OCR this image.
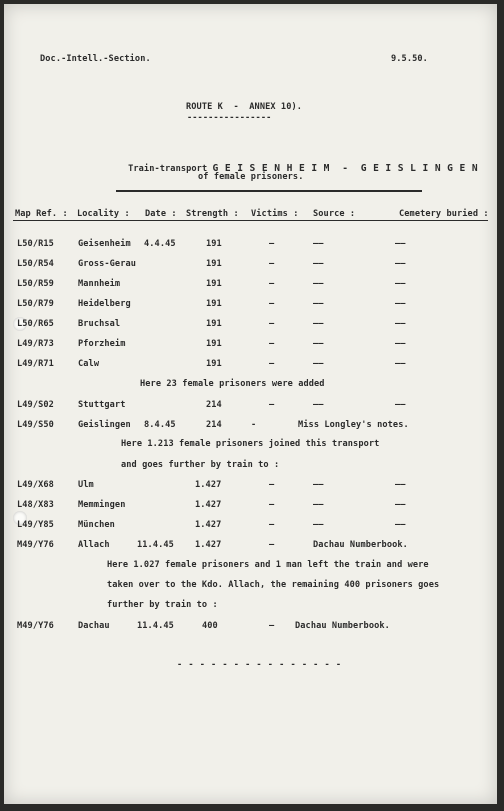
Doc.-Intell.-Section.	9.5.50.
ROUTE K  -  ANNEX 10).
----------------

Train-transport G E I S E N H E I M  -  G E I S L I N G E N

of female prisoners.
Map Ref. : Locality : Date : Strength : Victims : Source :	Cemetery buried :
L50/R15	Geisenheim 4.4.45	191	—	——	——
L50/R54	Gross-Gerau	191	—	——	——
L50/R59	Mannheim	191	—	——	——
L50/R79	Heidelberg	191	—	——	——
L50/R65	Bruchsal	191	—	——	——
L49/R73	Pforzheim	191	—	——	——
L49/R71	Calw	191	—	——	——
Here 23 female prisoners were added
L49/S02	Stuttgart	214	—	——	——
L49/S50	Geislingen 8.4.45	214	-	Miss Longley's notes.
Here 1.213 female prisoners joined this transport
and goes further by train to :
L49/X68	Ulm	1.427	—	——	——
L48/X83	Memmingen	1.427	—	——	——
L49/Y85	München	1.427	—	——	——
M49/Y76	Allach	11.4.45 1.427	—	Dachau Numberbook.
Here 1.027 female prisoners and 1 man left the train and were
taken over to the Kdo. Allach, the remaining 400 prisoners goes
further by train to :
M49/Y76	Dachau	11.4.45	400	— Dachau Numberbook.
- - - - - - - - - - - - - - -
